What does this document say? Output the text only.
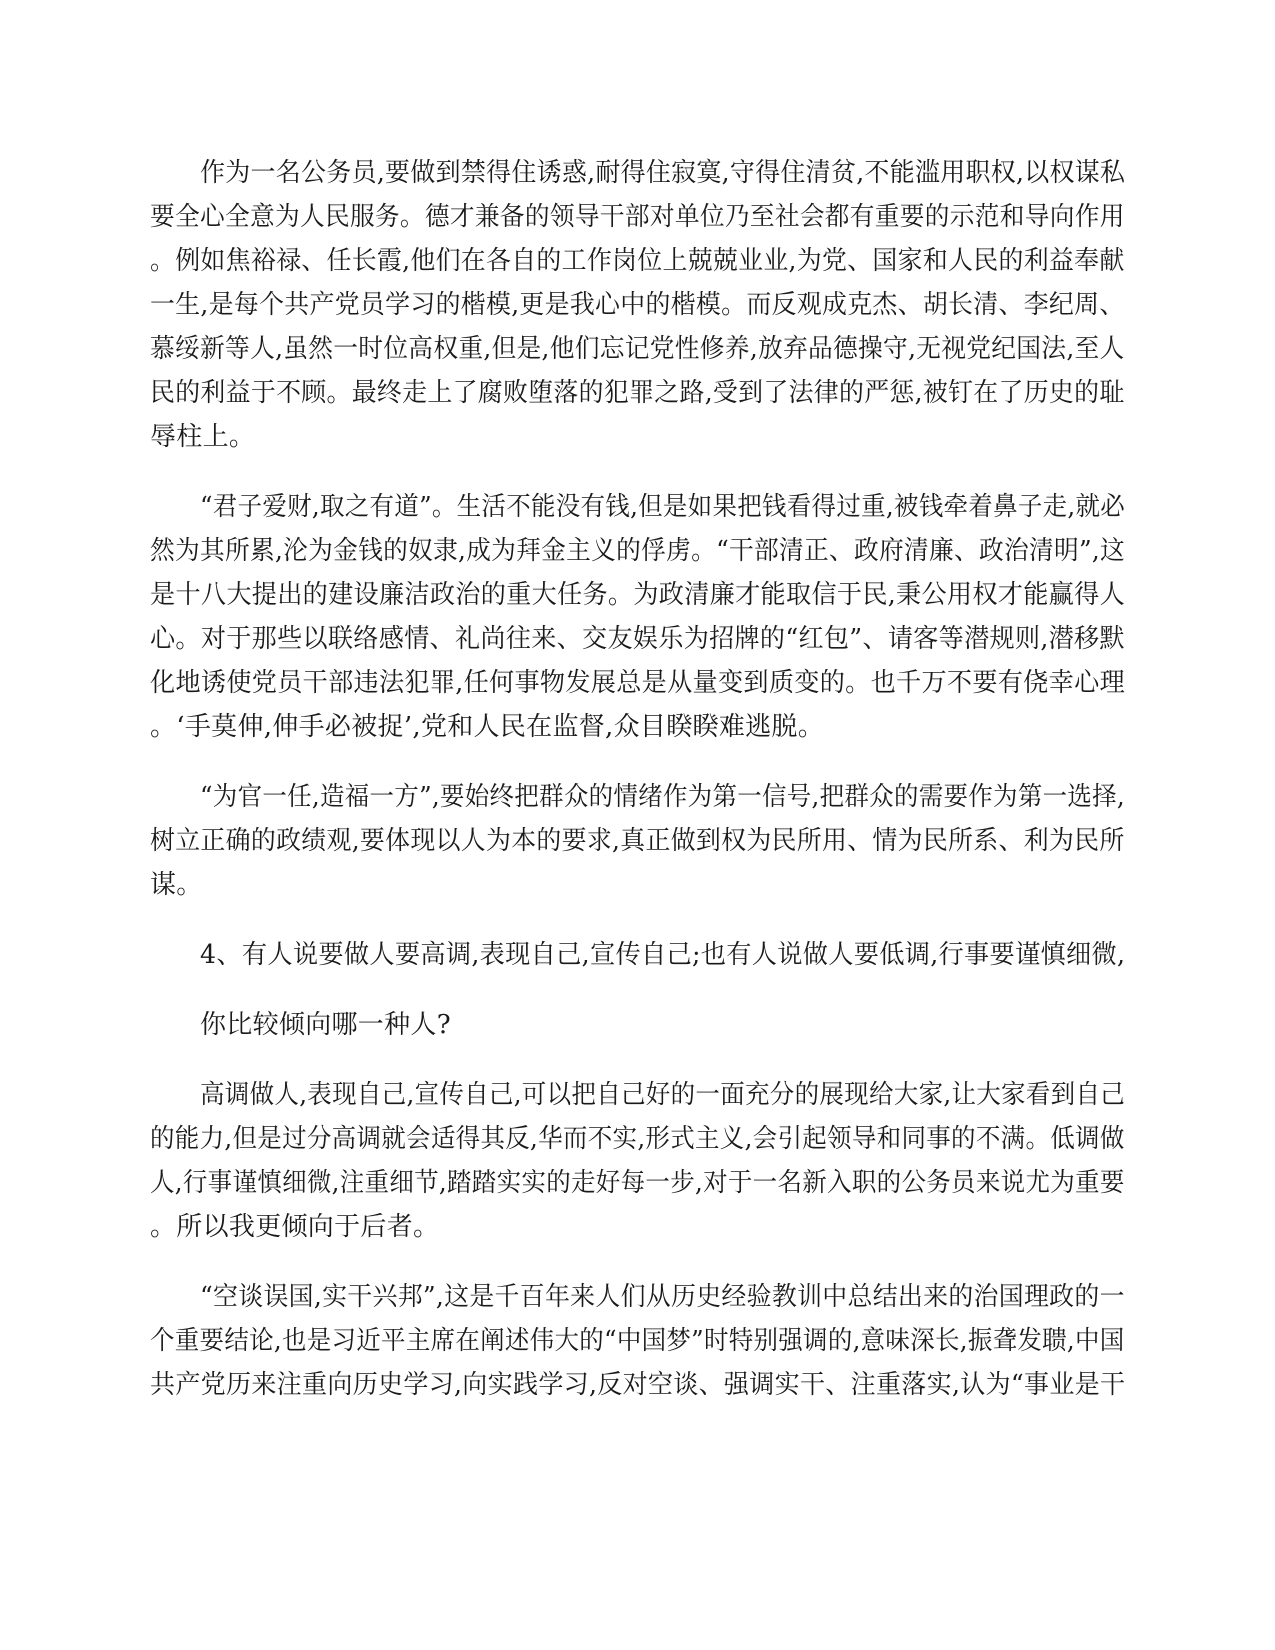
作为一名公务员,要做到禁得住诱惑,耐得住寂寞,守得住清贫,不能滥用职权,以权谋私

要全心全意为人民服务。德才兼备的领导干部对单位乃至社会都有重要的示范和导向作用

。例如焦裕禄、任长霞,他们在各自的工作岗位上兢兢业业,为党、国家和人民的利益奉献

一生,是每个共产党员学习的楷模,更是我心中的楷模。而反观成克杰、胡长清、李纪周、

慕绥新等人,虽然一时位高权重,但是,他们忘记党性修养,放弃品德操守,无视党纪国法,至人

民的利益于不顾。最终走上了腐败堕落的犯罪之路,受到了法律的严惩,被钉在了历史的耻

辱柱上。

“君子爱财,取之有道”。生活不能没有钱,但是如果把钱看得过重,被钱牵着鼻子走,就必

然为其所累,沦为金钱的奴隶,成为拜金主义的俘虏。“干部清正、政府清廉、政治清明”,这

是十八大提出的建设廉洁政治的重大任务。为政清廉才能取信于民,秉公用权才能赢得人

心。对于那些以联络感情、礼尚往来、交友娱乐为招牌的“红包”、请客等潜规则,潜移默

化地诱使党员干部违法犯罪,任何事物发展总是从量变到质变的。也千万不要有侥幸心理

。‘手莫伸,伸手必被捉’,党和人民在监督,众目睽睽难逃脱。

“为官一任,造福一方”,要始终把群众的情绪作为第一信号,把群众的需要作为第一选择,

树立正确的政绩观,要体现以人为本的要求,真正做到权为民所用、情为民所系、利为民所

谋。

4、有人说要做人要高调,表现自己,宣传自己;也有人说做人要低调,行事要谨慎细微,

你比较倾向哪一种人?

高调做人,表现自己,宣传自己,可以把自己好的一面充分的展现给大家,让大家看到自己

的能力,但是过分高调就会适得其反,华而不实,形式主义,会引起领导和同事的不满。低调做

人,行事谨慎细微,注重细节,踏踏实实的走好每一步,对于一名新入职的公务员来说尤为重要

。所以我更倾向于后者。

“空谈误国,实干兴邦”,这是千百年来人们从历史经验教训中总结出来的治国理政的一

个重要结论,也是习近平主席在阐述伟大的“中国梦”时特别强调的,意味深长,振聋发聩,中国

共产党历来注重向历史学习,向实践学习,反对空谈、强调实干、注重落实,认为“事业是干
